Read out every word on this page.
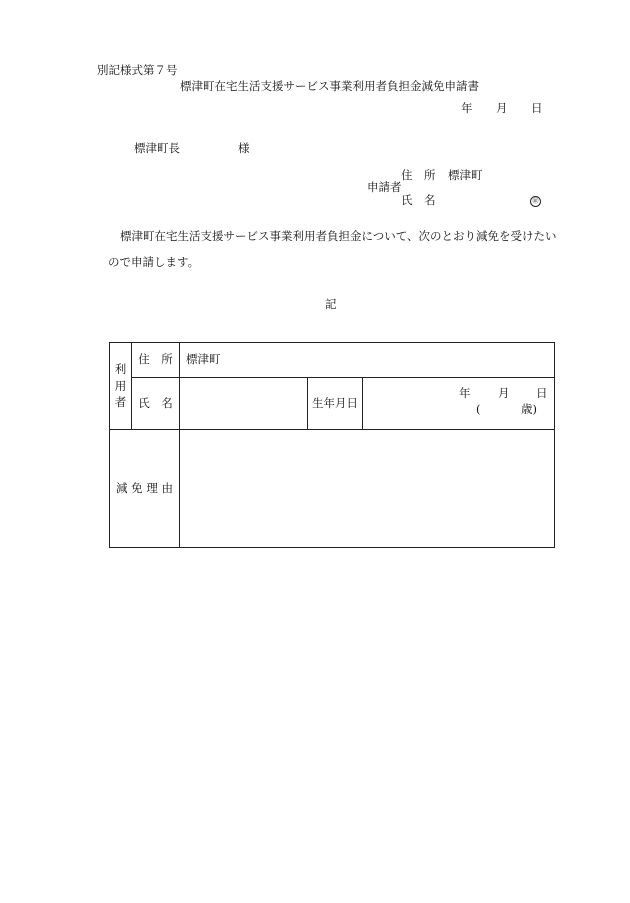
別記様式第７号
標津町在宅生活支援サービス事業利用者負担金減免申請書
年 月 日
標津町長	様
住　所 標津町
申請者
氏　名	㊞
標津町在宅生活支援サービス事業利用者負担金について、次のとおり減免を受けたい
ので申請します。
記
利
用
者	住　所	標津町		
	氏　名		生年月日	年 月 日
( 歳)

減 免 理 由				
